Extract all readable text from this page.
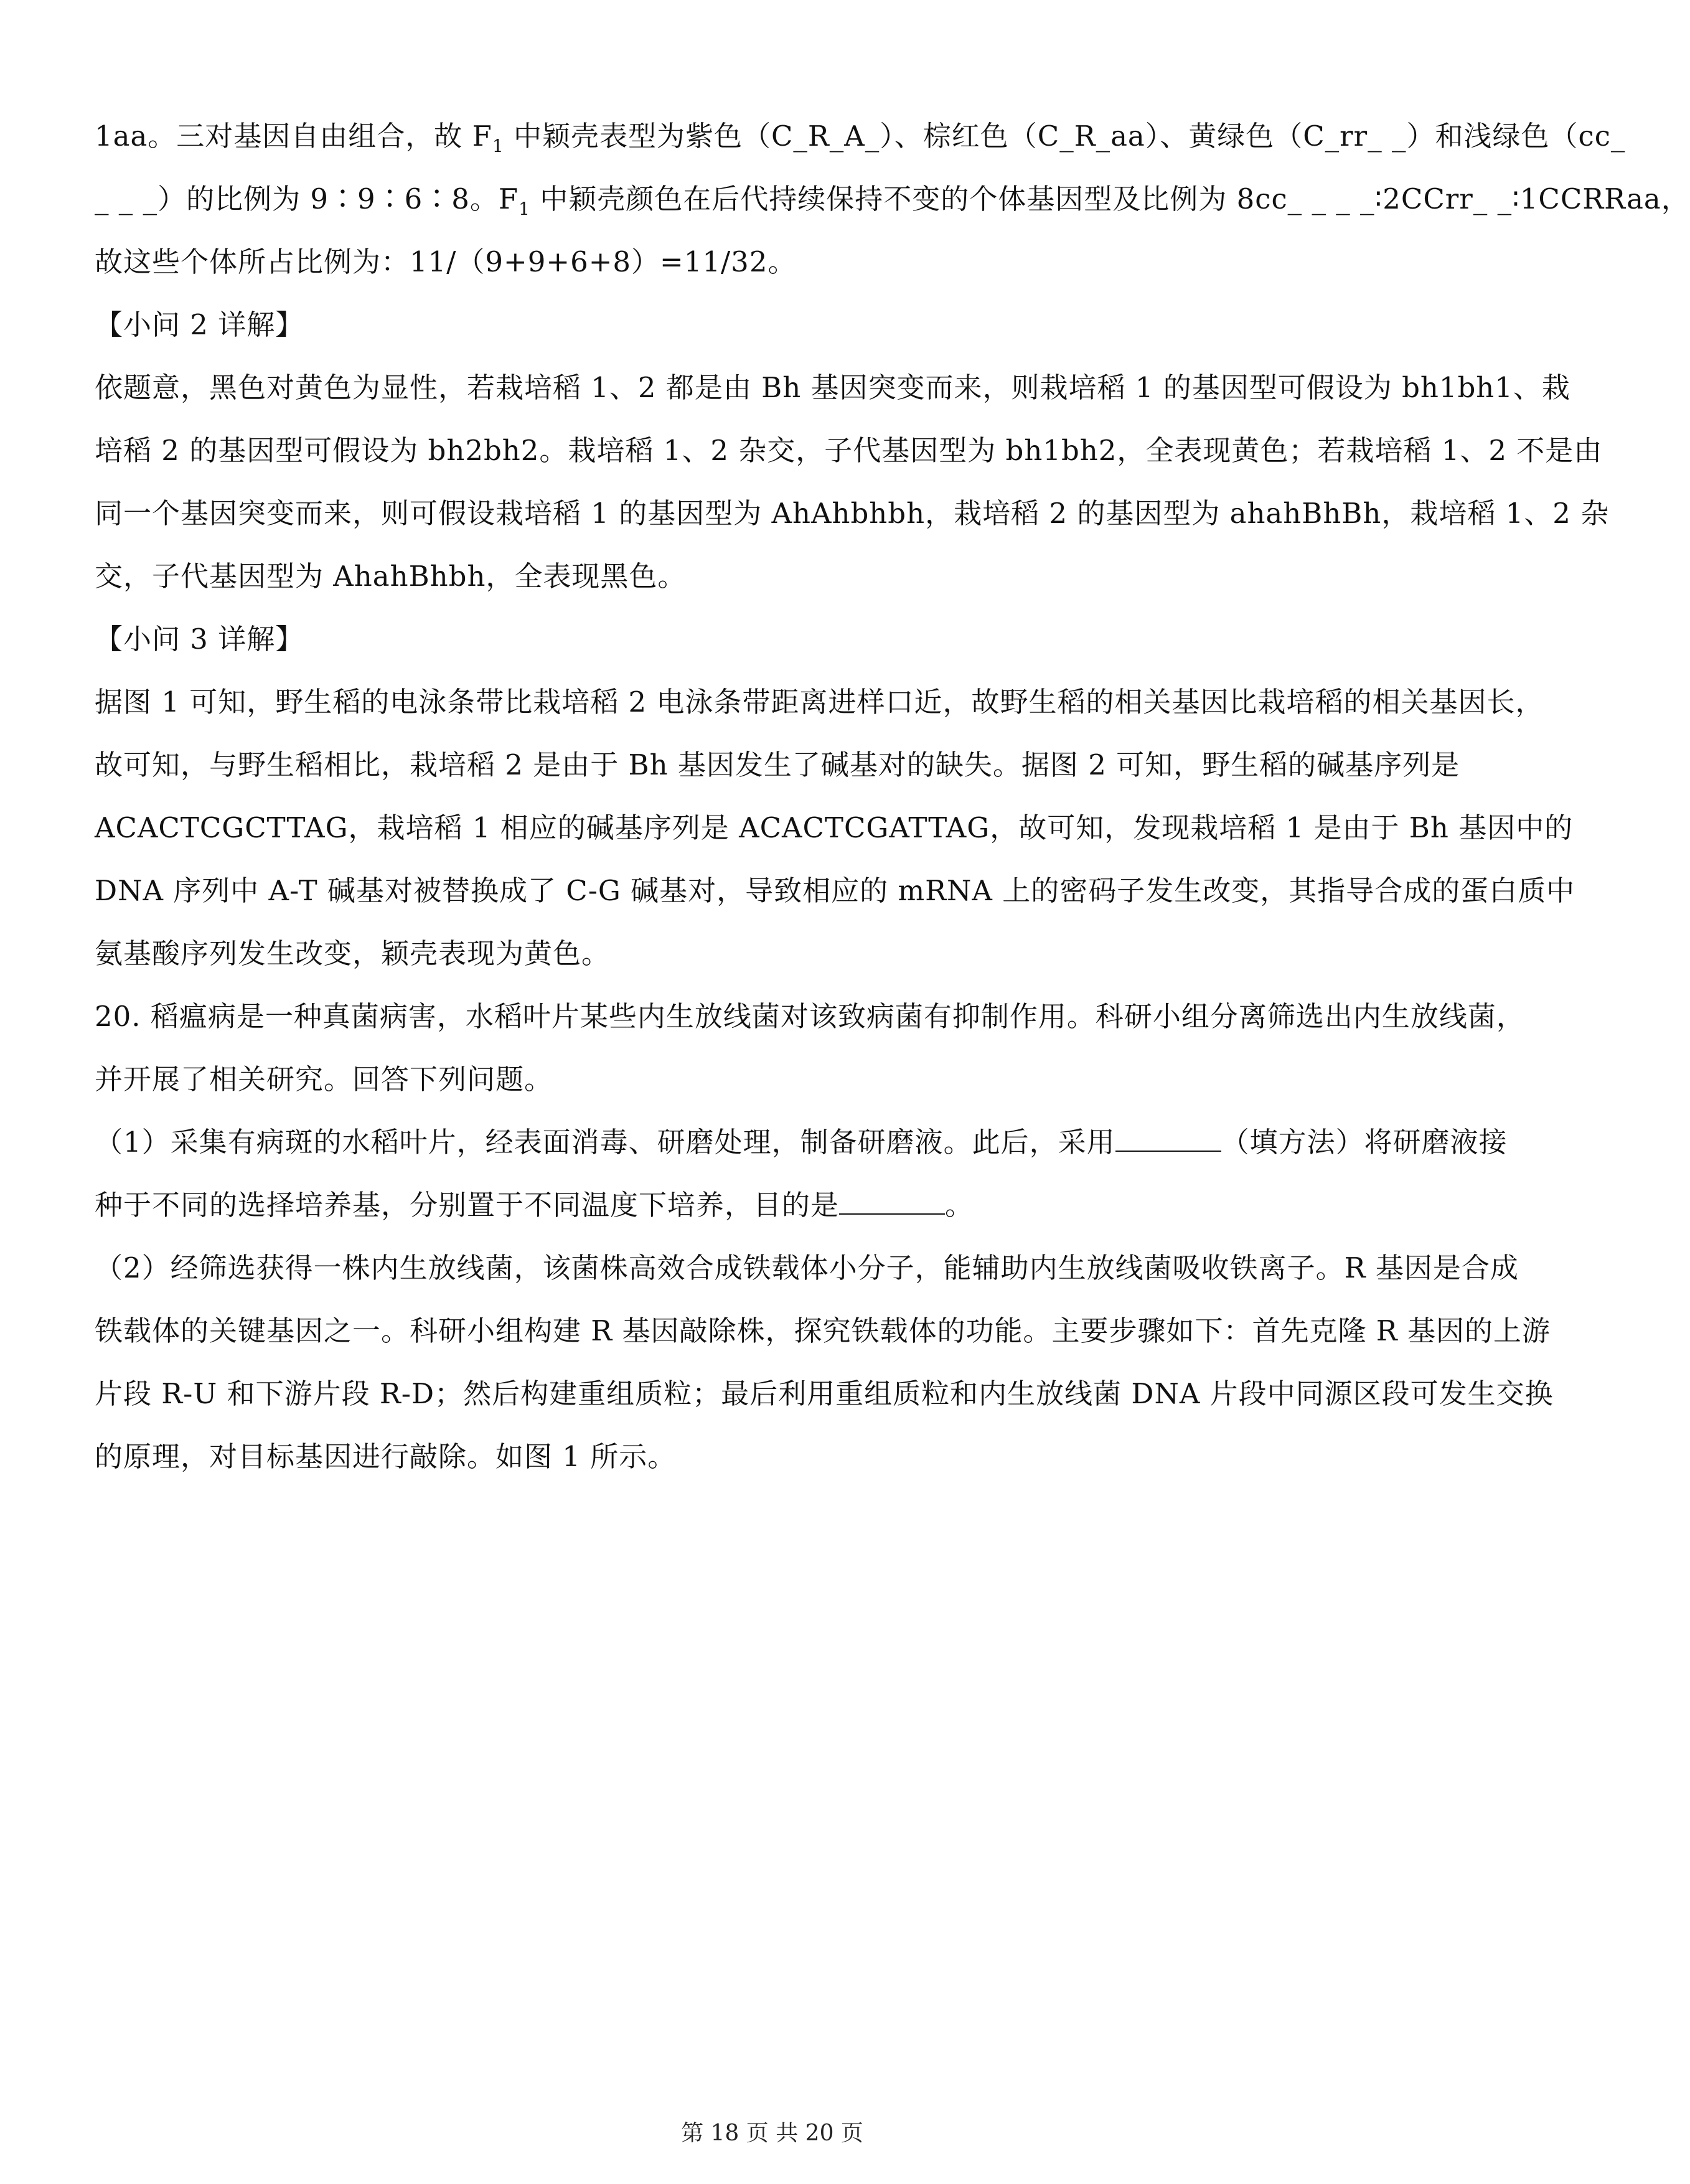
1aa。三对基因自由组合，故 $F_1$ 中颖壳表型为紫色（C_R_A_）、棕红色（C_R_aa）、黄绿色（C_rr_ _）和浅绿色（cc_
_ _ _）的比例为 9∶9∶6∶8。$F_1$ 中颖壳颜色在后代持续保持不变的个体基因型及比例为 8cc_ _ _ _∶2CCrr_ _∶1CCRRaa，
故这些个体所占比例为：11/（9+9+6+8）=11/32。
【小问 2 详解】
依题意，黑色对黄色为显性，若栽培稻 1、2 都是由 Bh 基因突变而来，则栽培稻 1 的基因型可假设为 bh1bh1、栽
培稻 2 的基因型可假设为 bh2bh2。栽培稻 1、2 杂交，子代基因型为 bh1bh2，全表现黄色；若栽培稻 1、2 不是由
同一个基因突变而来，则可假设栽培稻 1 的基因型为 AhAhbhbh，栽培稻 2 的基因型为 ahahBhBh，栽培稻 1、2 杂
交，子代基因型为 AhahBhbh，全表现黑色。
【小问 3 详解】
据图 1 可知，野生稻的电泳条带比栽培稻 2 电泳条带距离进样口近，故野生稻的相关基因比栽培稻的相关基因长，
故可知，与野生稻相比，栽培稻 2 是由于 Bh 基因发生了碱基对的缺失。据图 2 可知，野生稻的碱基序列是
ACACTCGCTTAG，栽培稻 1 相应的碱基序列是 ACACTCGATTAG，故可知，发现栽培稻 1 是由于 Bh 基因中的
DNA 序列中 A-T 碱基对被替换成了 C-G 碱基对，导致相应的 mRNA 上的密码子发生改变，其指导合成的蛋白质中
氨基酸序列发生改变，颖壳表现为黄色。
20. 稻瘟病是一种真菌病害，水稻叶片某些内生放线菌对该致病菌有抑制作用。科研小组分离筛选出内生放线菌，
并开展了相关研究。回答下列问题。
（1）采集有病斑的水稻叶片，经表面消毒、研磨处理，制备研磨液。此后，采用	（填方法）将研磨液接
种于不同的选择培养基，分别置于不同温度下培养，目的是	。
（2）经筛选获得一株内生放线菌，该菌株高效合成铁载体小分子，能辅助内生放线菌吸收铁离子。R 基因是合成
铁载体的关键基因之一。科研小组构建 R 基因敲除株，探究铁载体的功能。主要步骤如下：首先克隆 R 基因的上游
片段 R-U 和下游片段 R-D；然后构建重组质粒；最后利用重组质粒和内生放线菌 DNA 片段中同源区段可发生交换
的原理，对目标基因进行敲除。如图 1 所示。
第 18 页 共 20 页
